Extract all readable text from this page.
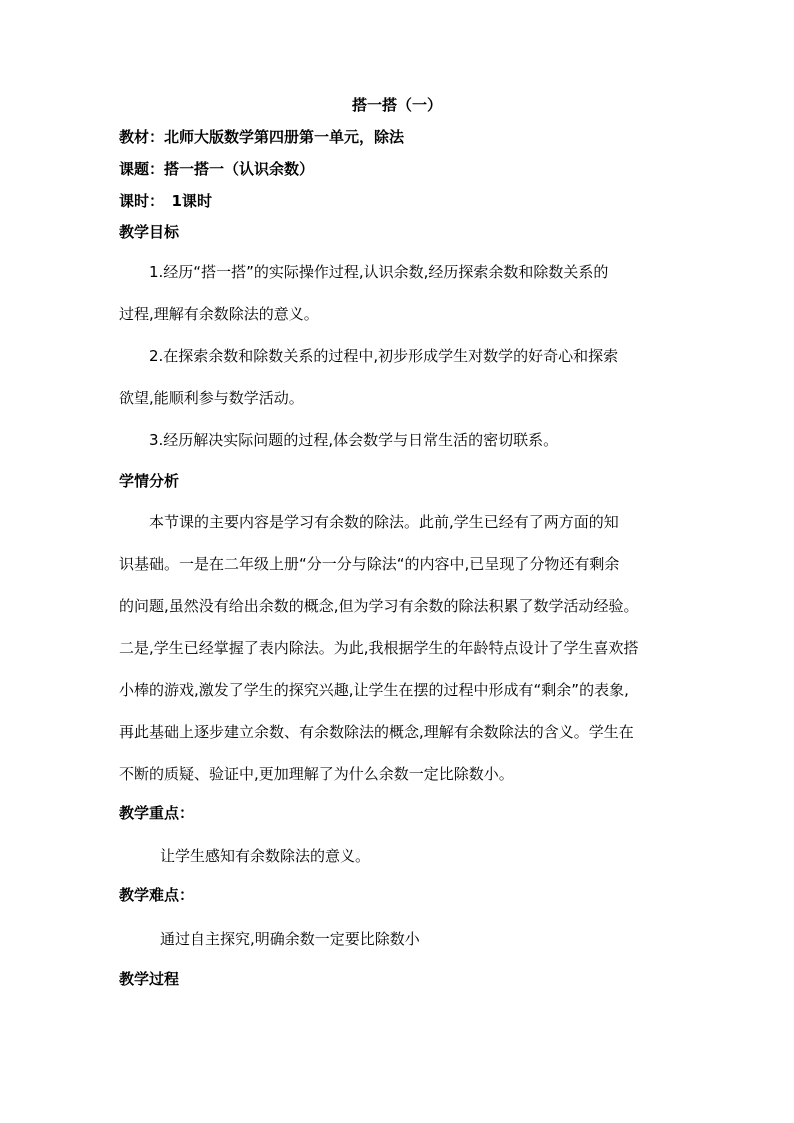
搭一搭（一）
教材：北师大版数学第四册第一单元，除法
课题：搭一搭一（认识余数）
课时：　1课时
教学目标
　　1.经历“搭一搭”的实际操作过程,认识余数,经历探索余数和除数关系的
过程,理解有余数除法的意义。
　　2.在探索余数和除数关系的过程中,初步形成学生对数学的好奇心和探索
欲望,能顺利参与数学活动。
　　3.经历解决实际问题的过程,体会数学与日常生活的密切联系。
学情分析
　　本节课的主要内容是学习有余数的除法。此前,学生已经有了两方面的知
识基础。一是在二年级上册“分一分与除法“的内容中,已呈现了分物还有剩余
的问题,虽然没有给出余数的概念,但为学习有余数的除法积累了数学活动经验。
二是,学生已经掌握了表内除法。为此,我根据学生的年龄特点设计了学生喜欢搭
小棒的游戏,激发了学生的探究兴趣,让学生在摆的过程中形成有“剩余”的表象,
再此基础上逐步建立余数、有余数除法的概念,理解有余数除法的含义。学生在
不断的质疑、验证中,更加理解了为什么余数一定比除数小。
教学重点：
让学生感知有余数除法的意义。
教学难点：
通过自主探究,明确余数一定要比除数小
教学过程
